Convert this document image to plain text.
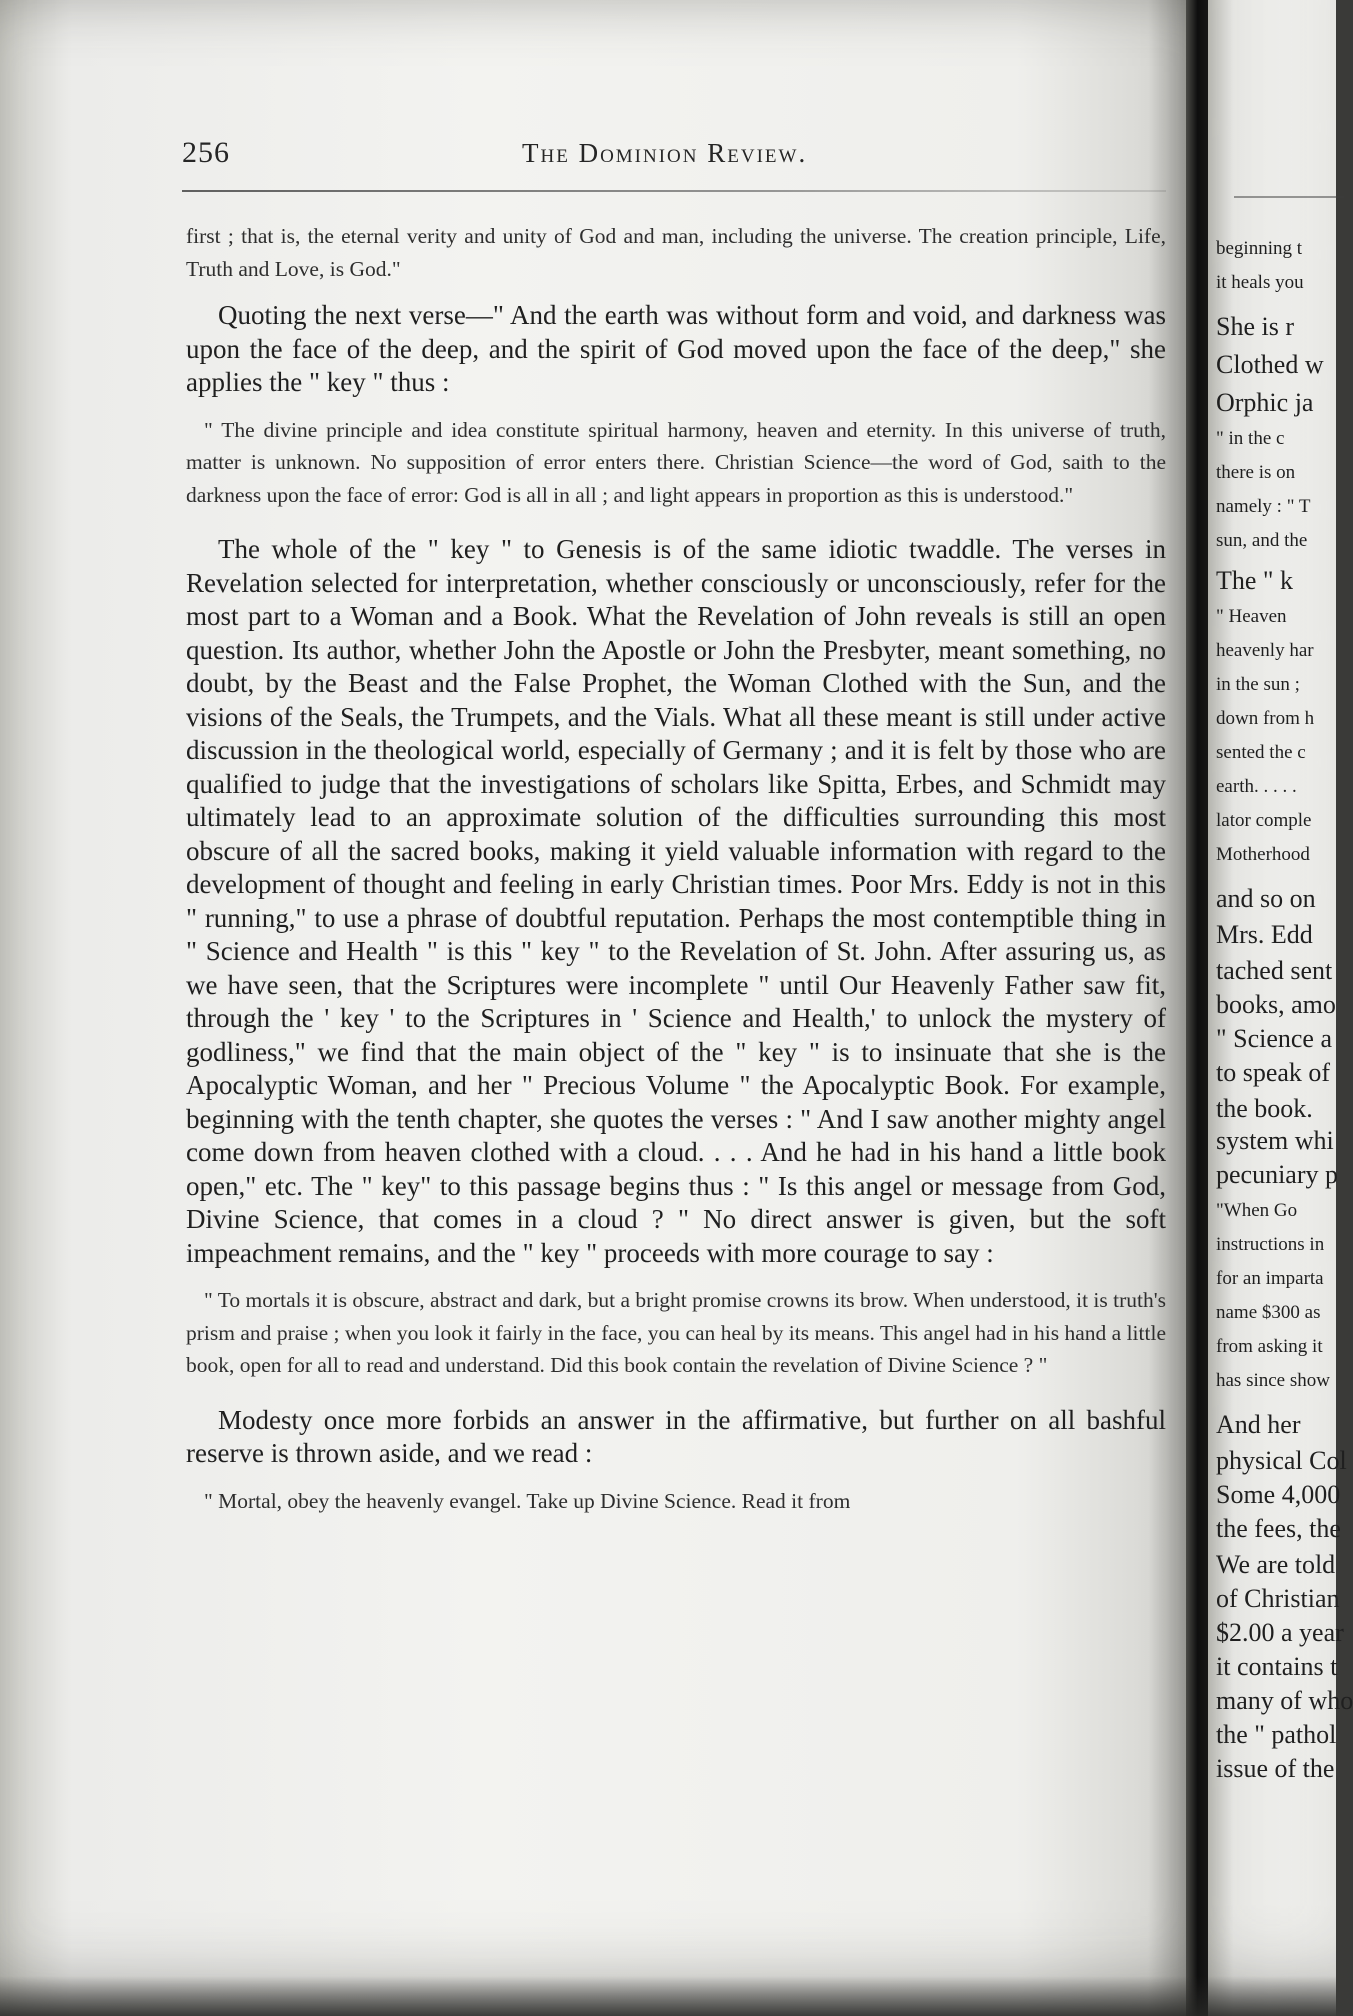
256	The Dominion Review.

first ; that is, the eternal verity and unity of God and man, including the universe. The creation principle, Life, Truth and Love, is God."

Quoting the next verse—" And the earth was without form and void, and darkness was upon the face of the deep, and the spirit of God moved upon the face of the deep," she applies the " key " thus :

" The divine principle and idea constitute spiritual harmony, heaven and eternity. In this universe of truth, matter is unknown. No supposition of error enters there. Christian Science—the word of God, saith to the darkness upon the face of error: God is all in all ; and light appears in proportion as this is understood."

The whole of the " key " to Genesis is of the same idiotic twaddle. The verses in Revelation selected for interpretation, whether consciously or unconsciously, refer for the most part to a Woman and a Book. What the Revelation of John reveals is still an open question. Its author, whether John the Apostle or John the Presbyter, meant something, no doubt, by the Beast and the False Prophet, the Woman Clothed with the Sun, and the visions of the Seals, the Trumpets, and the Vials. What all these meant is still under active discussion in the theological world, especially of Germany ; and it is felt by those who are qualified to judge that the investigations of scholars like Spitta, Erbes, and Schmidt may ultimately lead to an approximate solution of the difficulties surrounding this most obscure of all the sacred books, making it yield valuable information with regard to the development of thought and feeling in early Christian times. Poor Mrs. Eddy is not in this " running," to use a phrase of doubtful reputation. Perhaps the most contemptible thing in " Science and Health " is this " key " to the Revelation of St. John. After assuring us, as we have seen, that the Scriptures were incomplete " until Our Heavenly Father saw fit, through the ' key ' to the Scriptures in ' Science and Health,' to unlock the mystery of godliness," we find that the main object of the " key " is to insinuate that she is the Apocalyptic Woman, and her " Precious Volume " the Apocalyptic Book. For example, beginning with the tenth chapter, she quotes the verses : " And I saw another mighty angel come down from heaven clothed with a cloud. . . . And he had in his hand a little book open," etc. The " key" to this passage begins thus : " Is this angel or message from God, Divine Science, that comes in a cloud ? " No direct answer is given, but the soft impeachment remains, and the " key " proceeds with more courage to say :

" To mortals it is obscure, abstract and dark, but a bright promise crowns its brow. When understood, it is truth's prism and praise ; when you look it fairly in the face, you can heal by its means. This angel had in his hand a little book, open for all to read and understand. Did this book contain the revelation of Divine Science ? "

Modesty once more forbids an answer in the affirmative, but further on all bashful reserve is thrown aside, and we read :

" Mortal, obey the heavenly evangel. Take up Divine Science. Read it from

beginning t
it heals you
She is r
Clothed w
Orphic ja
" in the c
there is on
namely : " T
sun, and the
The " k
" Heaven
heavenly har
in the sun ;
down from h
sented the c
earth. . . . .
lator comple
Motherhood
and so on
Mrs. Edd
tached sent
books, amo
" Science a
to speak of
the book.
system whi
pecuniary p
"When Go
instructions in
for an imparta
name $300 as
from asking it
has since show
And her
physical Col
Some 4,000
the fees, the
We are told
of Christian
$2.00 a year
it contains t
many of who
the " pathol
issue of the
